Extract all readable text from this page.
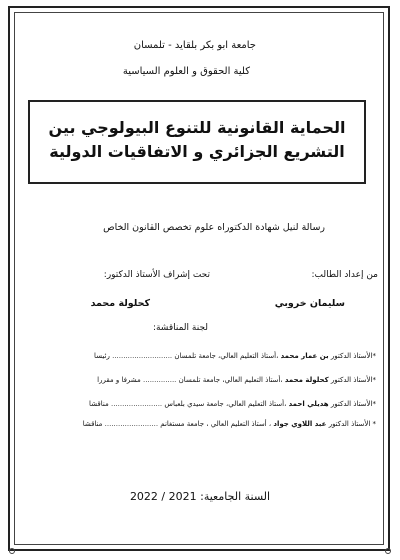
جامعة ابو بكر بلقايد - تلمسان
كلية الحقوق و العلوم السياسية
الحماية القانونية للتنوع البيولوجي بين
التشريع الجزائري و الاتفاقيات الدولية
رسالة لنيل شهادة الدكتوراه علوم تخصص القانون الخاص
من إعداد الطالب:
تحت إشراف الأستاذ الدكتور:
سليمان خروبي
كحلولة محمد
لجنة المناقشة:
*الأستاذ الدكتور بن عمار محمد ،أستاذ التعليم العالي، جامعة تلمسان ........................... رئيسا
*الأستاذ الدكتور كحلولة محمد ،أستاذ التعليم العالي، جامعة تلمسان ............... مشرفا و مقررا
*الأستاذ الدكتور هديلي احمد ،أستاذ التعليم العالي، جامعة سيدي بلعباس ....................... مناقشا
* الأستاذ الدكتور عبد اللاوي جواد ، أستاذ التعليم العالي ، جامعة مستغانم ........................ مناقشا
السنة الجامعية: 2021 / 2022
